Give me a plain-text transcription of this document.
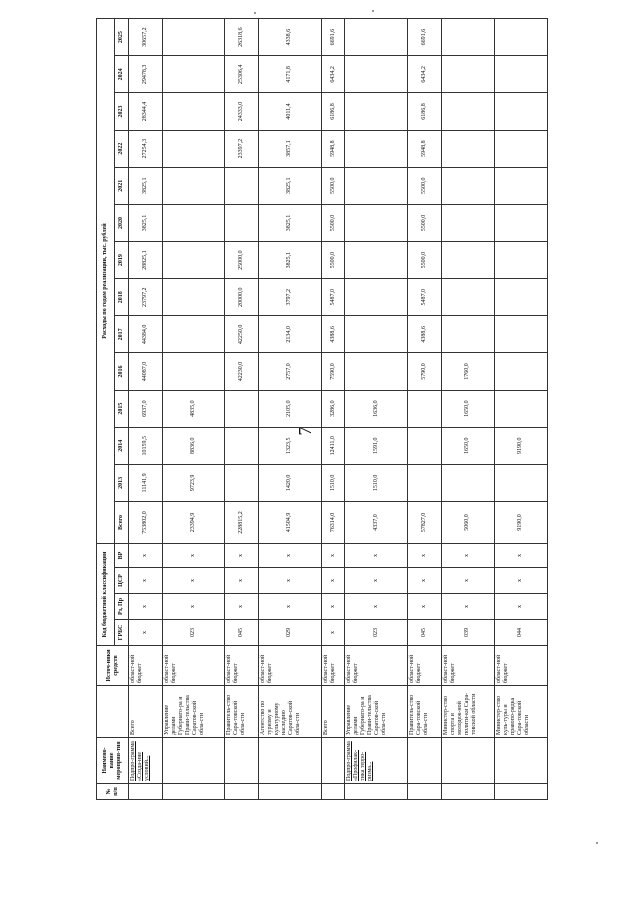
7
№ п/п	Наимено-вание мероприя-тия		Источ-ники средств	Код бюджетной классификации				Расходы по годам реализации, тыс. рублей													
				ГРБС	Рз, Пр	ЦСР	ВР	Всего	2013	2014	2015	2016	2017	2018	2019	2020	2021	2022	2023	2024	2025
	Подпро-грамма «Созда-ние условий...	Всего	област-ной бюджет	x	x	x	x	753802,0	11141,9	10159,5	6937,0	44087,0	44384,0	23797,2	28825,1	3825,1	3825,1	27254,3	28344,4	29478,3	30657,2
		Управление делами Губернато-ра и Прави-тельства Саратов-ской обла-сти	област-ной бюджет	023	x	x	x	23394,9	9723,9	8836,0	4835,0										
		Правитель-ство Сара-товской обла-сти	област-ной бюджет	045	x	x	x	228815,2				42230,0	42250,0	20000,0	25000,0			23397,2	24333,0	25306,4	26318,6
		Агентство по туризму и культурному наследию Саратов-ской обла-сти	област-ной бюджет	029	x	x	x	41504,9	1420,0	1323,5	2105,0	2757,0	2134,0	3797,2	3825,1	3825,1	3825,1	3857,1	4011,4	4171,8	4338,6
		Всего	област-ной бюджет	x	x	x	x	76314,0	1510,0	12411,0	3286,0	7590,0	4388,6	5487,0	5500,0	5500,0	5500,0	5948,8	6186,8	6434,2	6691,6
	Подпро-грамма «Профилак-тика терро-ризма...	Управление делами Губернато-ра и Прави-тельства Саратов-ской обла-сти	област-ной бюджет	023	x	x	x	4337,0	1510,0	1591,0	1636,0										
		Правитель-ство Сара-товской обла-сти	област-ной бюджет	045	x	x	x	57827,0				5790,0	4388,6	5487,0	5500,0	5500,0	5500,0	5948,8	6186,8	6434,2	6691,6
		Министер-ство спорта и молодеж-ной полити-ки Сара-товской области	област-ной бюджет	039	x	x	x	5060,0		1650,0	1650,0	1760,0									
		Министер-ство куль-туры и правопо-рядка Сара-товской области	област-ной бюджет	044	x	x	x	9190,0		9190,0											
